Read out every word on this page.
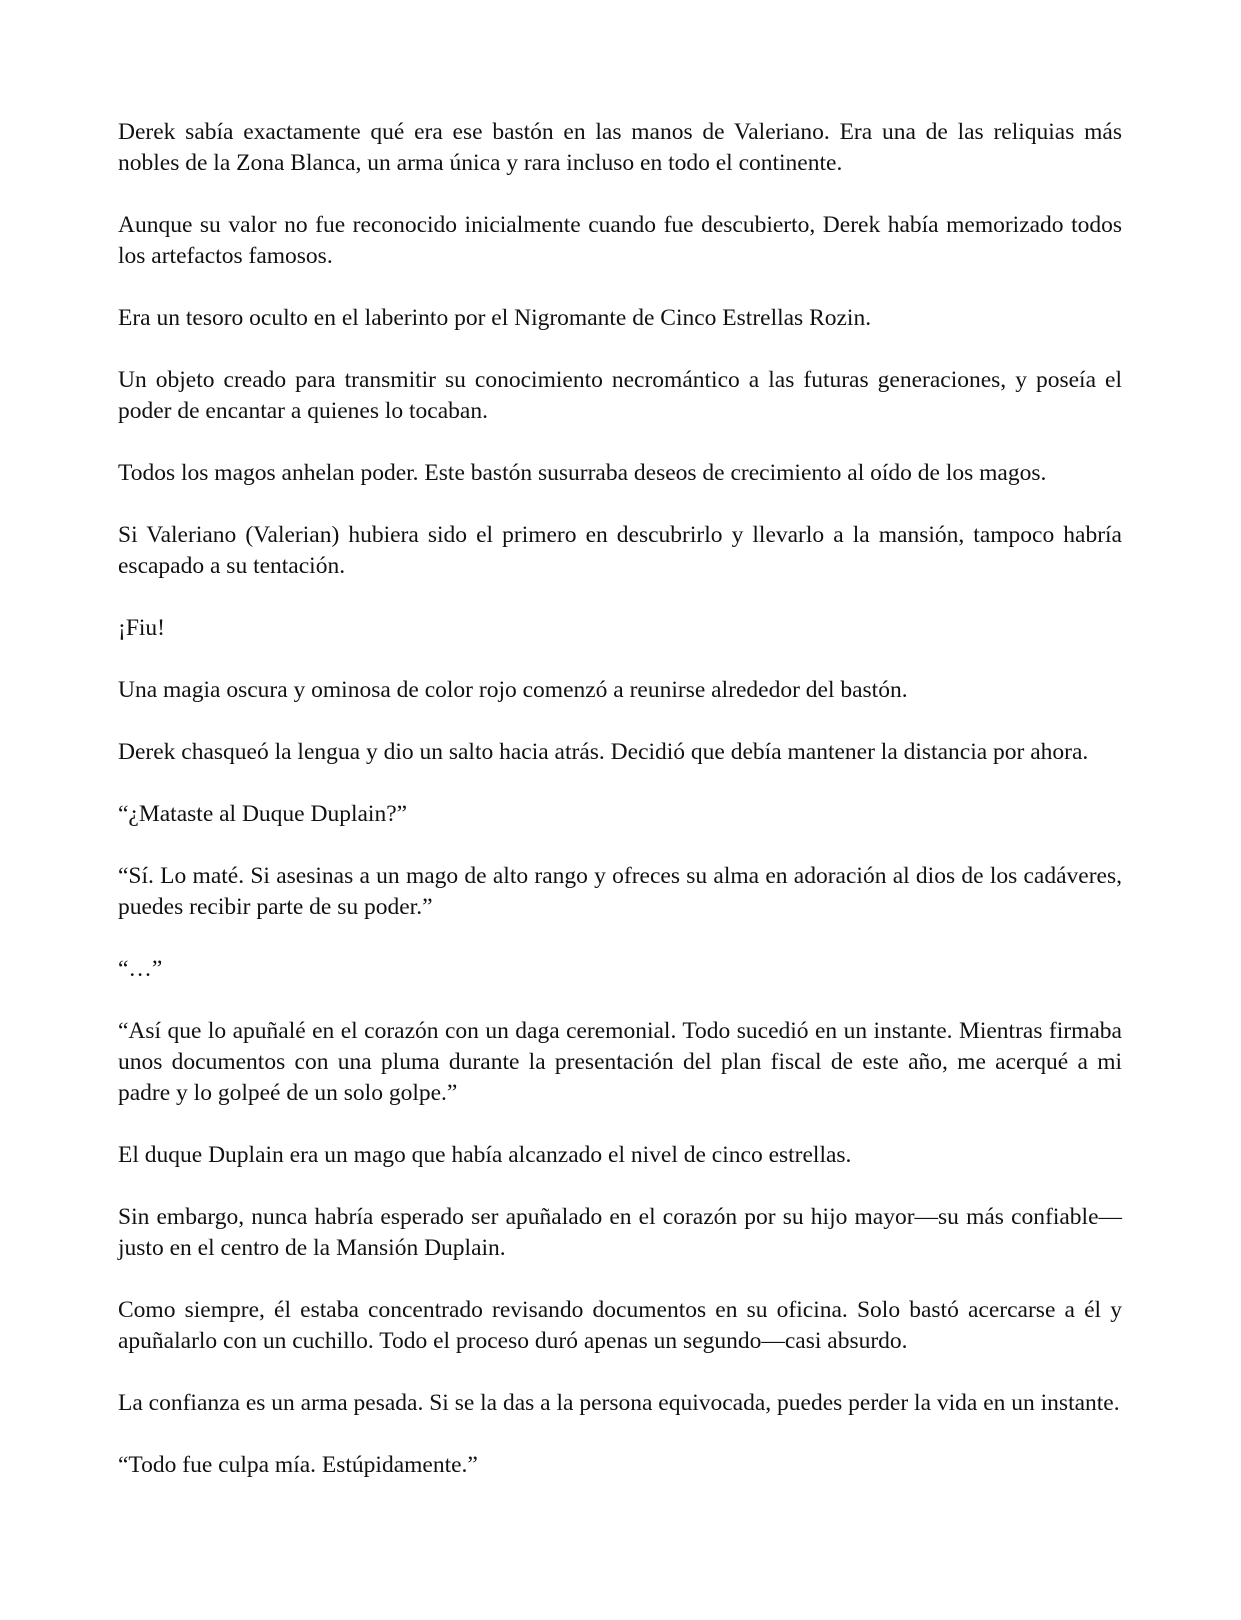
Derek sabía exactamente qué era ese bastón en las manos de Valeriano. Era una de las reliquias más nobles de la Zona Blanca, un arma única y rara incluso en todo el continente.

Aunque su valor no fue reconocido inicialmente cuando fue descubierto, Derek había memorizado todos los artefactos famosos.

Era un tesoro oculto en el laberinto por el Nigromante de Cinco Estrellas Rozin.

Un objeto creado para transmitir su conocimiento necromántico a las futuras generaciones, y poseía el poder de encantar a quienes lo tocaban.

Todos los magos anhelan poder. Este bastón susurraba deseos de crecimiento al oído de los magos.

Si Valeriano (Valerian) hubiera sido el primero en descubrirlo y llevarlo a la mansión, tampoco habría escapado a su tentación.

¡Fiu!

Una magia oscura y ominosa de color rojo comenzó a reunirse alrededor del bastón.

Derek chasqueó la lengua y dio un salto hacia atrás. Decidió que debía mantener la distancia por ahora.

“¿Mataste al Duque Duplain?”

“Sí. Lo maté. Si asesinas a un mago de alto rango y ofreces su alma en adoración al dios de los cadáveres, puedes recibir parte de su poder.”

“…”

“Así que lo apuñalé en el corazón con un daga ceremonial. Todo sucedió en un instante. Mientras firmaba unos documentos con una pluma durante la presentación del plan fiscal de este año, me acerqué a mi padre y lo golpeé de un solo golpe.”

El duque Duplain era un mago que había alcanzado el nivel de cinco estrellas.

Sin embargo, nunca habría esperado ser apuñalado en el corazón por su hijo mayor—su más confiable—justo en el centro de la Mansión Duplain.

Como siempre, él estaba concentrado revisando documentos en su oficina. Solo bastó acercarse a él y apuñalarlo con un cuchillo. Todo el proceso duró apenas un segundo—casi absurdo.

La confianza es un arma pesada. Si se la das a la persona equivocada, puedes perder la vida en un instante.

“Todo fue culpa mía. Estúpidamente.”
